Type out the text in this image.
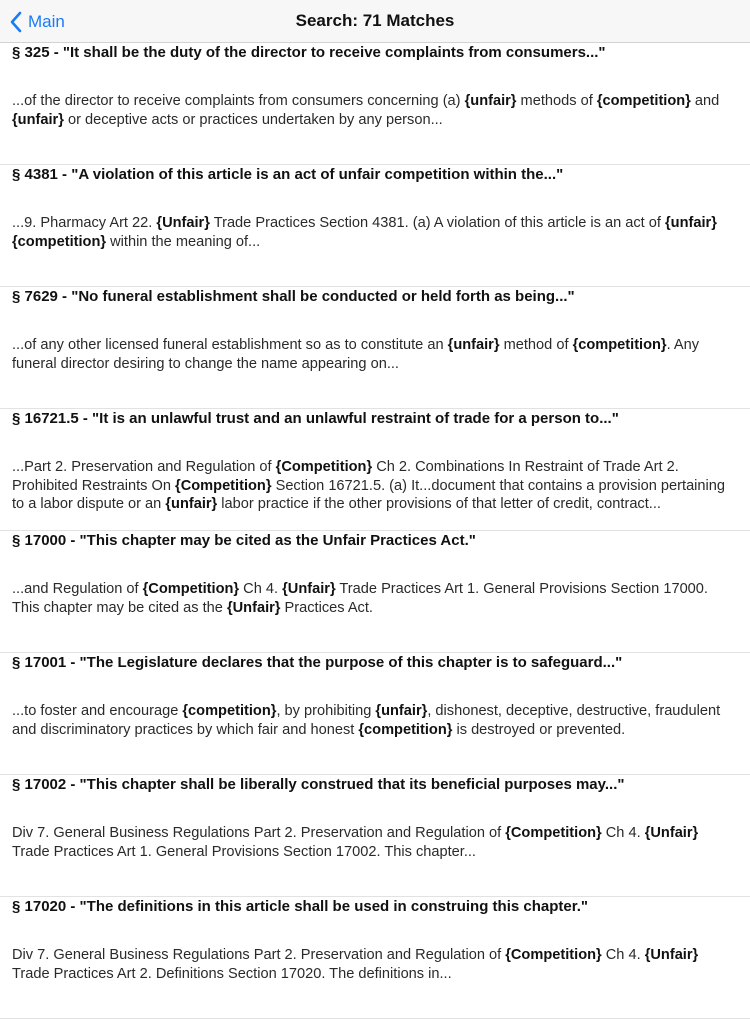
Main	Search: 71 Matches
§ 325 - "It shall be the duty of the director to receive complaints from consumers..."
...of the director to receive complaints from consumers concerning (a) {unfair} methods of {competition} and {unfair} or deceptive acts or practices undertaken by any person...
§ 4381 - "A violation of this article is an act of unfair competition within the..."
...9. Pharmacy Art 22. {Unfair} Trade Practices Section 4381. (a) A violation of this article is an act of {unfair} {competition} within the meaning of...
§ 7629 - "No funeral establishment shall be conducted or held forth as being..."
...of any other licensed funeral establishment so as to constitute an {unfair} method of {competition}. Any funeral director desiring to change the name appearing on...
§ 16721.5 - "It is an unlawful trust and an unlawful restraint of trade for a person to..."
...Part 2. Preservation and Regulation of {Competition} Ch 2. Combinations In Restraint of Trade Art 2. Prohibited Restraints On {Competition} Section 16721.5. (a) It...document that contains a provision pertaining to a labor dispute or an {unfair} labor practice if the other provisions of that letter of credit, contract...
§ 17000 - "This chapter may be cited as the Unfair Practices Act."
...and Regulation of {Competition} Ch 4. {Unfair} Trade Practices Art 1. General Provisions Section 17000. This chapter may be cited as the {Unfair} Practices Act.
§ 17001 - "The Legislature declares that the purpose of this chapter is to safeguard..."
...to foster and encourage {competition}, by prohibiting {unfair}, dishonest, deceptive, destructive, fraudulent and discriminatory practices by which fair and honest {competition} is destroyed or prevented.
§ 17002 - "This chapter shall be liberally construed that its beneficial purposes may..."
Div 7. General Business Regulations Part 2. Preservation and Regulation of {Competition} Ch 4. {Unfair} Trade Practices Art 1. General Provisions Section 17002. This chapter...
§ 17020 - "The definitions in this article shall be used in construing this chapter."
Div 7. General Business Regulations Part 2. Preservation and Regulation of {Competition} Ch 4. {Unfair} Trade Practices Art 2. Definitions Section 17020. The definitions in...
